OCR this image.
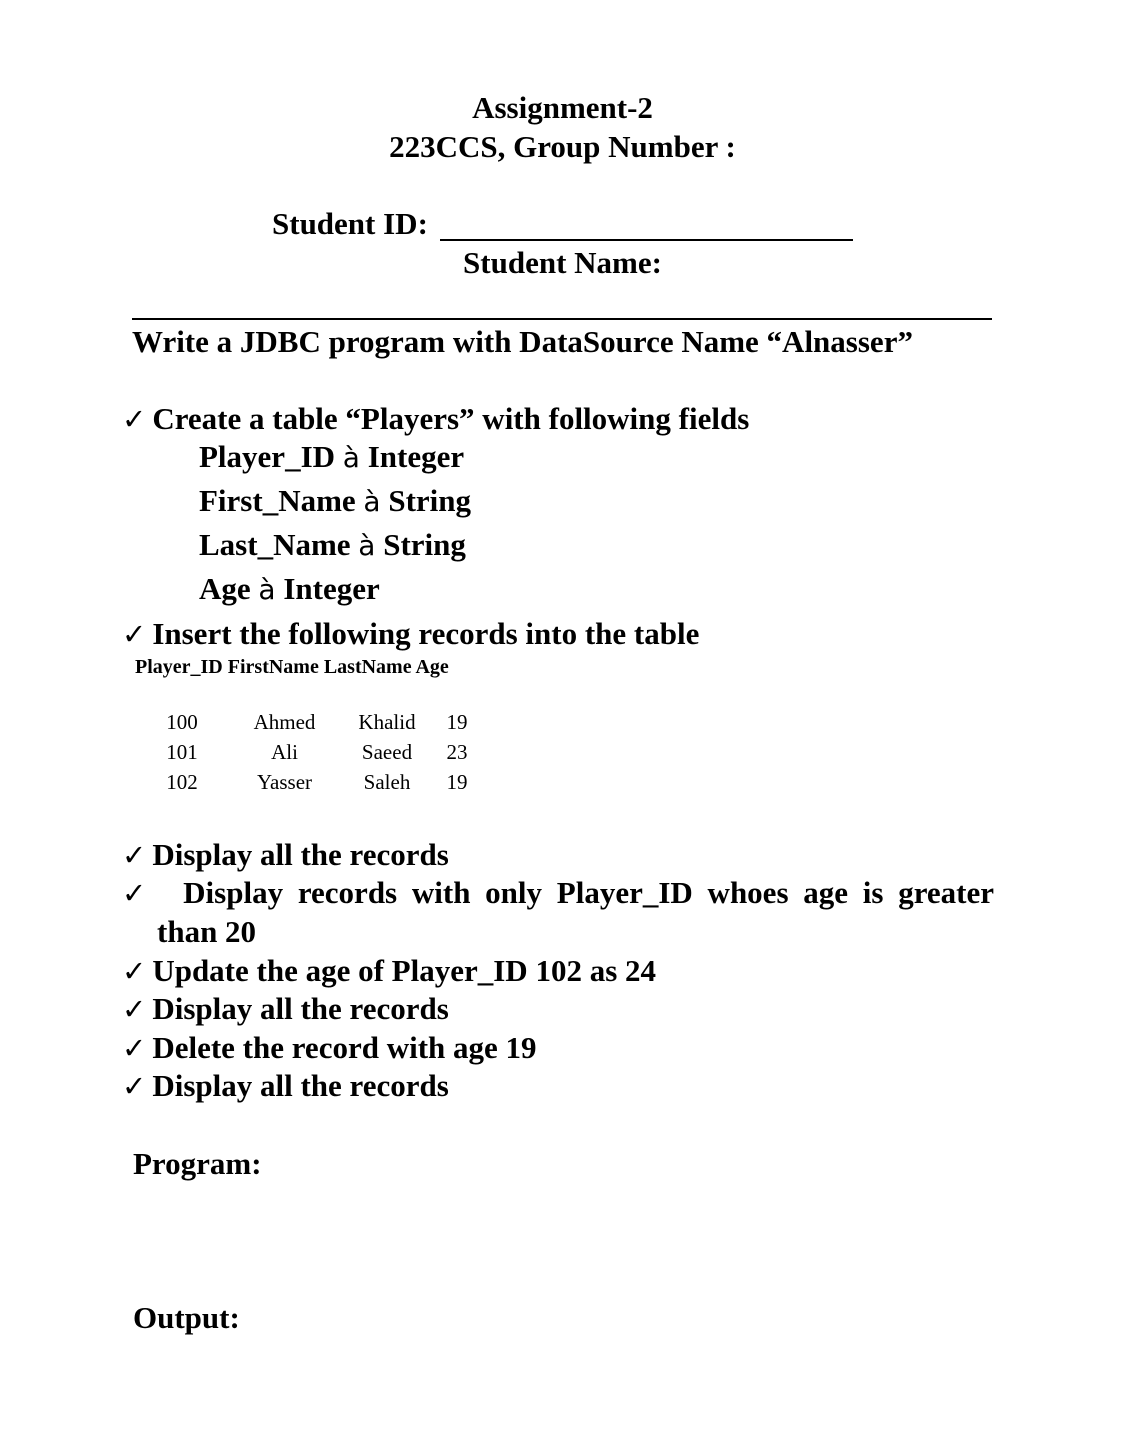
Assignment-2
223CCS, Group Number :
Student ID:
Student Name:
Write a JDBC program with DataSource Name “Alnasser”
✓ Create a table “Players” with following fields
Player_ID à Integer
First_Name à String
Last_Name à String
Age à Integer
✓ Insert the following records into the table
Player_ID FirstName LastName Age
100	Ahmed	Khalid	19
101	Ali	Saeed	23
102	Yasser	Saleh	19
✓ Display all the records
✓ Display records with only Player_ID whoes age is greater
than 20
✓ Update the age of Player_ID 102 as 24
✓ Display all the records
✓ Delete the record with age 19
✓ Display all the records
Program:
Output:
